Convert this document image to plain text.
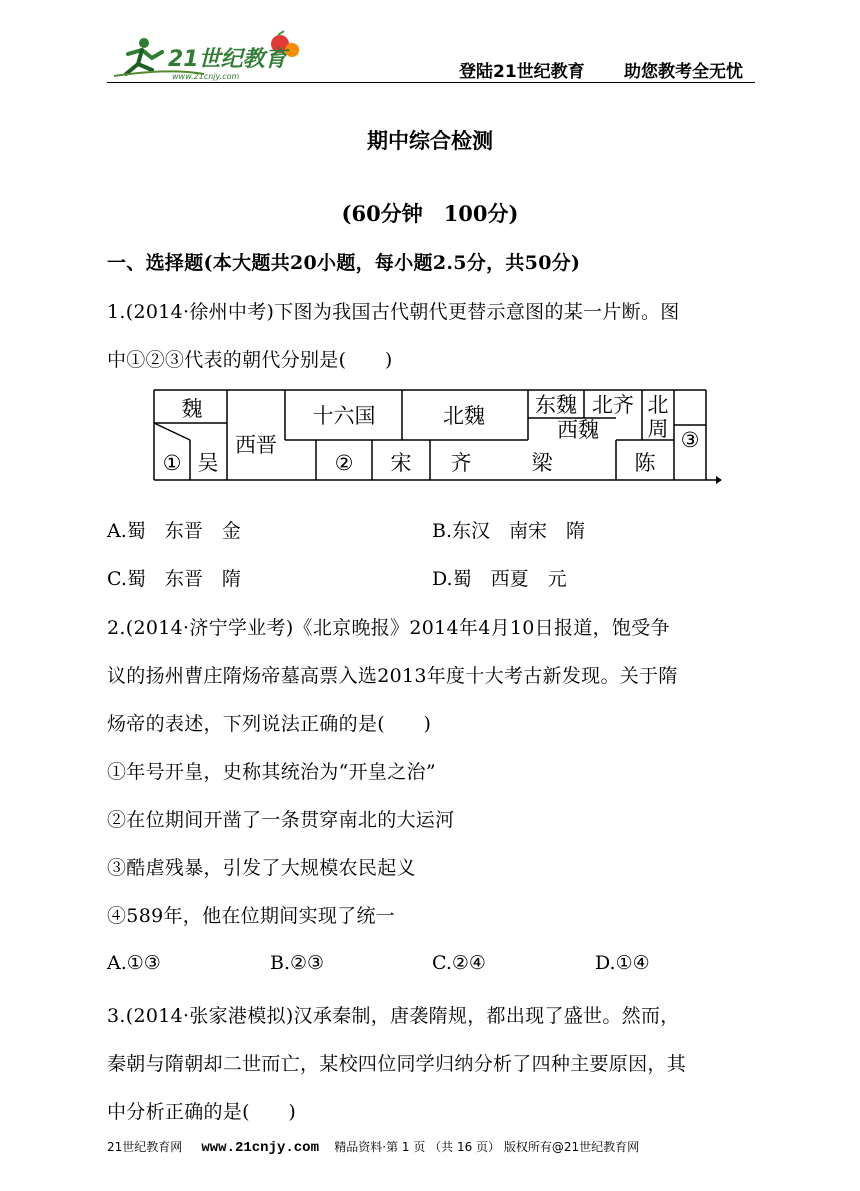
21世纪教育
www.21cnjy.com	登陆21世纪教育 助您教考全无忧
期中综合检测
(60分钟　100分)
一、选择题(本大题共20小题，每小题2.5分，共50分)
1.(2014·徐州中考)下图为我国古代朝代更替示意图的某一片断。图
中①②③代表的朝代分别是(　　)
魏
① 吴
西晋
十六国	北魏 东魏 北齐
西魏
北
周 ③
② 宋 齐	梁	陈
A.蜀　东晋　金	B.东汉　南宋　隋
C.蜀　东晋　隋	D.蜀　西夏　元
2.(2014·济宁学业考)《北京晚报》2014年4月10日报道，饱受争
议的扬州曹庄隋炀帝墓高票入选2013年度十大考古新发现。关于隋
炀帝的表述，下列说法正确的是(　　)
①年号开皇，史称其统治为“开皇之治”
②在位期间开凿了一条贯穿南北的大运河
③酷虐残暴，引发了大规模农民起义
④589年，他在位期间实现了统一
A.①③	B.②③	C.②④	D.①④
3.(2014·张家港模拟)汉承秦制，唐袭隋规，都出现了盛世。然而，
秦朝与隋朝却二世而亡，某校四位同学归纳分析了四种主要原因，其
中分析正确的是(　　)
21世纪教育网 www.21cnjy.com 精品资料·第 1 页 （共 16 页） 版权所有@21世纪教育网
